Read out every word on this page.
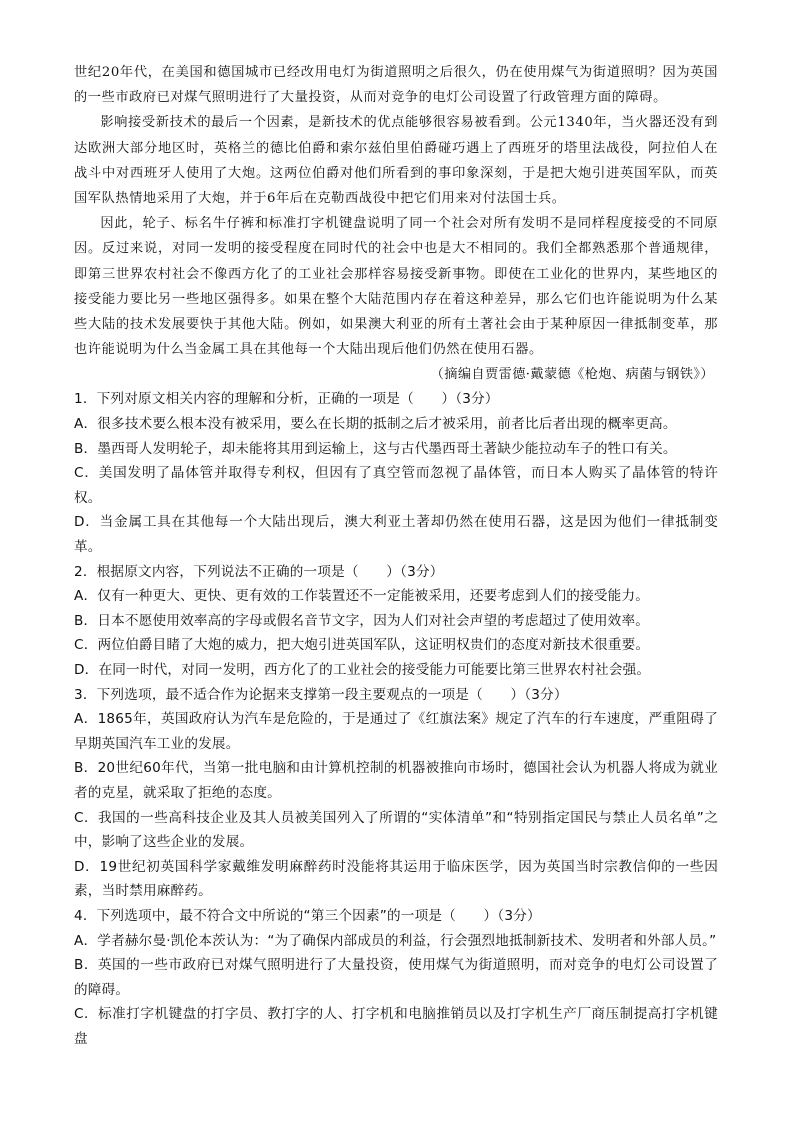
世纪20年代，在美国和德国城市已经改用电灯为街道照明之后很久，仍在使用煤气为街道照明？因为英国的一些市政府已对煤气照明进行了大量投资，从而对竞争的电灯公司设置了行政管理方面的障碍。

影响接受新技术的最后一个因素，是新技术的优点能够很容易被看到。公元1340年，当火器还没有到达欧洲大部分地区时，英格兰的德比伯爵和索尔兹伯里伯爵碰巧遇上了西班牙的塔里法战役，阿拉伯人在战斗中对西班牙人使用了大炮。这两位伯爵对他们所看到的事印象深刻，于是把大炮引进英国军队，而英国军队热情地采用了大炮，并于6年后在克勒西战役中把它们用来对付法国士兵。

因此，轮子、标名牛仔裤和标准打字机键盘说明了同一个社会对所有发明不是同样程度接受的不同原因。反过来说，对同一发明的接受程度在同时代的社会中也是大不相同的。我们全都熟悉那个普通规律，即第三世界农村社会不像西方化了的工业社会那样容易接受新事物。即使在工业化的世界内，某些地区的接受能力要比另一些地区强得多。如果在整个大陆范围内存在着这种差异，那么它们也许能说明为什么某些大陆的技术发展要快于其他大陆。例如，如果澳大利亚的所有土著社会由于某种原因一律抵制变革，那也许能说明为什么当金属工具在其他每一个大陆出现后他们仍然在使用石器。

（摘编自贾雷德·戴蒙德《枪炮、病菌与钢铁》）

1．下列对原文相关内容的理解和分析，正确的一项是（　　）（3分）

A．很多技术要么根本没有被采用，要么在长期的抵制之后才被采用，前者比后者出现的概率更高。

B．墨西哥人发明轮子，却未能将其用到运输上，这与古代墨西哥土著缺少能拉动车子的牲口有关。

C．美国发明了晶体管并取得专利权，但因有了真空管而忽视了晶体管，而日本人购买了晶体管的特许权。

D．当金属工具在其他每一个大陆出现后，澳大利亚土著却仍然在使用石器，这是因为他们一律抵制变革。

2．根据原文内容，下列说法不正确的一项是（　　）（3分）

A．仅有一种更大、更快、更有效的工作装置还不一定能被采用，还要考虑到人们的接受能力。

B．日本不愿使用效率高的字母或假名音节文字，因为人们对社会声望的考虑超过了使用效率。

C．两位伯爵目睹了大炮的威力，把大炮引进英国军队，这证明权贵们的态度对新技术很重要。

D．在同一时代，对同一发明，西方化了的工业社会的接受能力可能要比第三世界农村社会强。

3．下列选项，最不适合作为论据来支撑第一段主要观点的一项是（　　）（3分）

A．1865年，英国政府认为汽车是危险的，于是通过了《红旗法案》规定了汽车的行车速度，严重阻碍了早期英国汽车工业的发展。

B．20世纪60年代，当第一批电脑和由计算机控制的机器被推向市场时，德国社会认为机器人将成为就业者的克星，就采取了拒绝的态度。

C．我国的一些高科技企业及其人员被美国列入了所谓的“实体清单”和“特别指定国民与禁止人员名单”之中，影响了这些企业的发展。

D．19世纪初英国科学家戴维发明麻醉药时没能将其运用于临床医学，因为英国当时宗教信仰的一些因素，当时禁用麻醉药。

4．下列选项中，最不符合文中所说的“第三个因素”的一项是（　　）（3分）

A．学者赫尔曼·凯伦本茨认为：“为了确保内部成员的利益，行会强烈地抵制新技术、发明者和外部人员。”

B．英国的一些市政府已对煤气照明进行了大量投资，使用煤气为街道照明，而对竞争的电灯公司设置了的障碍。

C．标准打字机键盘的打字员、教打字的人、打字机和电脑推销员以及打字机生产厂商压制提高打字机键盘
